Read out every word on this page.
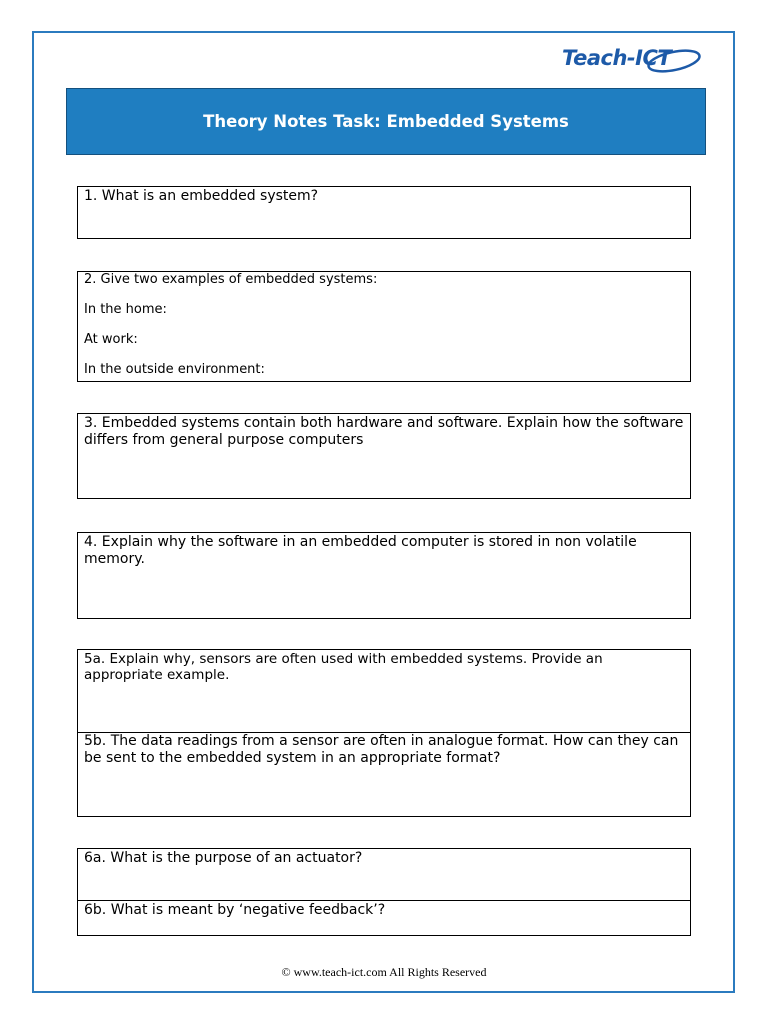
Teach-ICT
Theory Notes Task: Embedded Systems

1. What is an embedded system?

2. Give two examples of embedded systems:

In the home:

At work:

In the outside environment:

3. Embedded systems contain both hardware and software. Explain how the software differs from general purpose computers

4. Explain why the software in an embedded computer is stored in non volatile memory.

5a. Explain why, sensors are often used with embedded systems. Provide an appropriate example.

5b. The data readings from a sensor are often in analogue format. How can they can be sent to the embedded system in an appropriate format?

6a. What is the purpose of an actuator?

6b. What is meant by ‘negative feedback’?

© www.teach-ict.com All Rights Reserved
